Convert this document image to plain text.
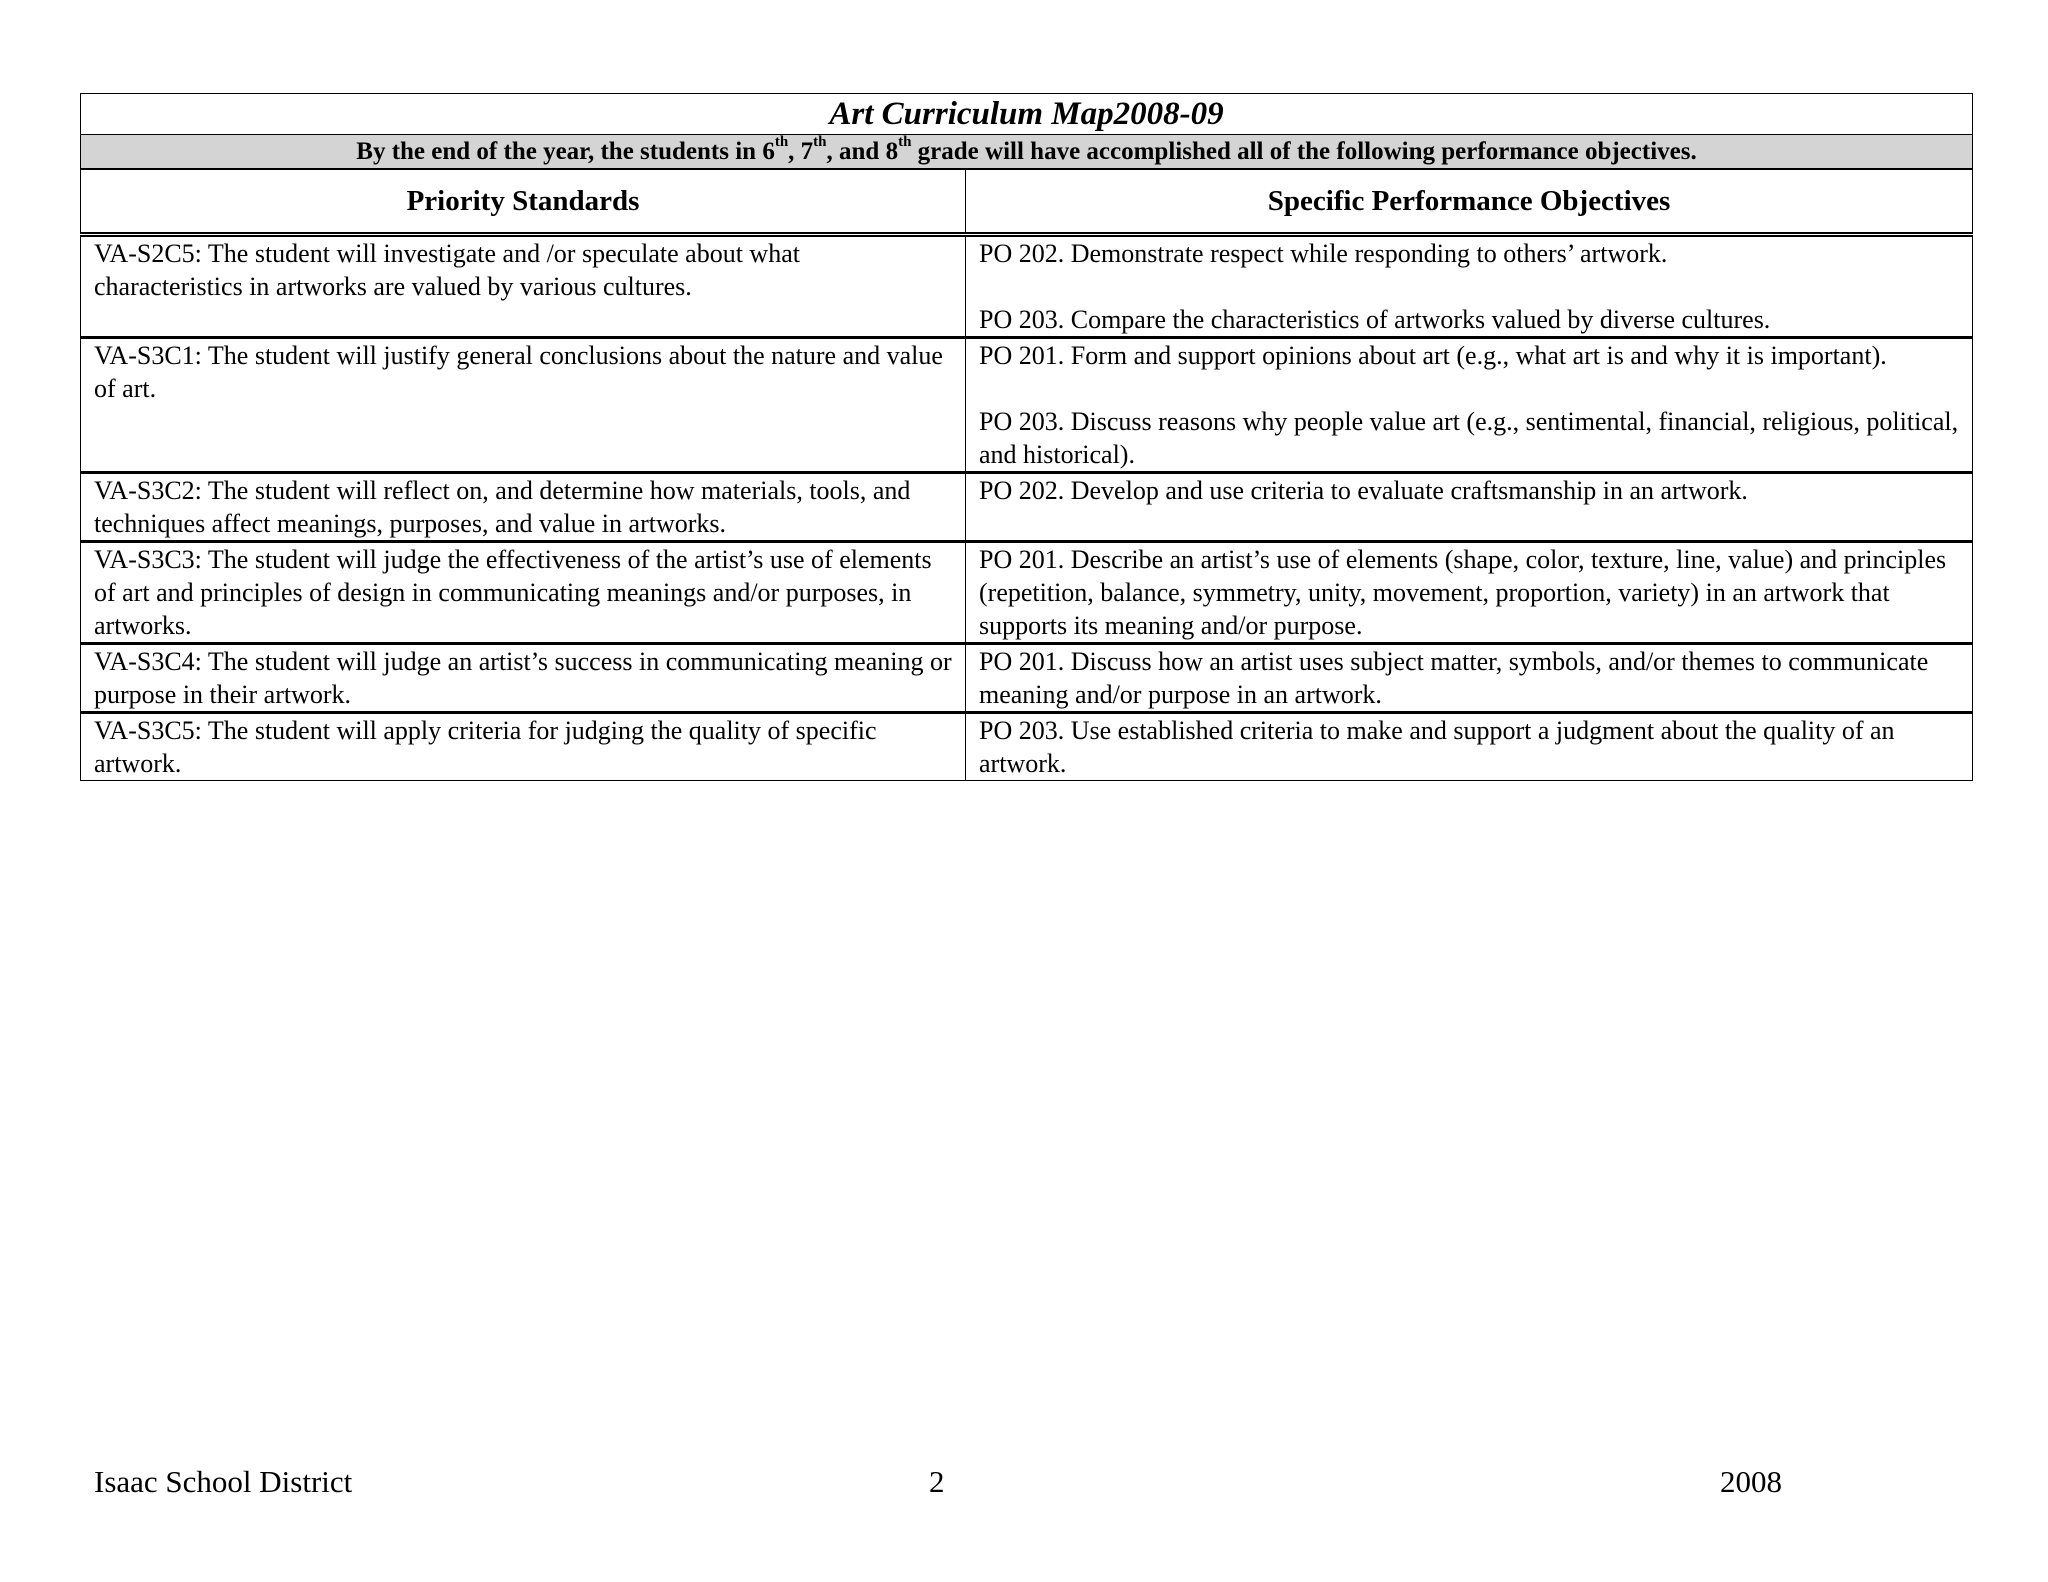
Art Curriculum Map2008-09	
By the end of the year, the students in 6th, 7th, and 8th grade will have accomplished all of the following performance objectives.	
Priority Standards	Specific Performance Objectives
VA-S2C5: The student will investigate and /or speculate about what characteristics in artworks are valued by various cultures.	PO 202. Demonstrate respect while responding to others’ artwork.
PO 203. Compare the characteristics of artworks valued by diverse cultures.

VA-S3C1: The student will justify general conclusions about the nature and value of art.	PO 201. Form and support opinions about art (e.g., what art is and why it is important).
PO 203. Discuss reasons why people value art (e.g., sentimental, financial, religious, political, and historical).

VA-S3C2: The student will reflect on, and determine how materials, tools, and techniques affect meanings, purposes, and value in artworks.	PO 202. Develop and use criteria to evaluate craftsmanship in an artwork.

VA-S3C3: The student will judge the effectiveness of the artist’s use of elements of art and principles of design in communicating meanings and/or purposes, in artworks.	PO 201. Describe an artist’s use of elements (shape, color, texture, line, value) and principles (repetition, balance, symmetry, unity, movement, proportion, variety) in an artwork that supports its meaning and/or purpose.

VA-S3C4: The student will judge an artist’s success in communicating meaning or purpose in their artwork.	PO 201. Discuss how an artist uses subject matter, symbols, and/or themes to communicate meaning and/or purpose in an artwork.

VA-S3C5: The student will apply criteria for judging the quality of specific artwork.	PO 203. Use established criteria to make and support a judgment about the quality of an artwork.
Isaac School District	2	2008
